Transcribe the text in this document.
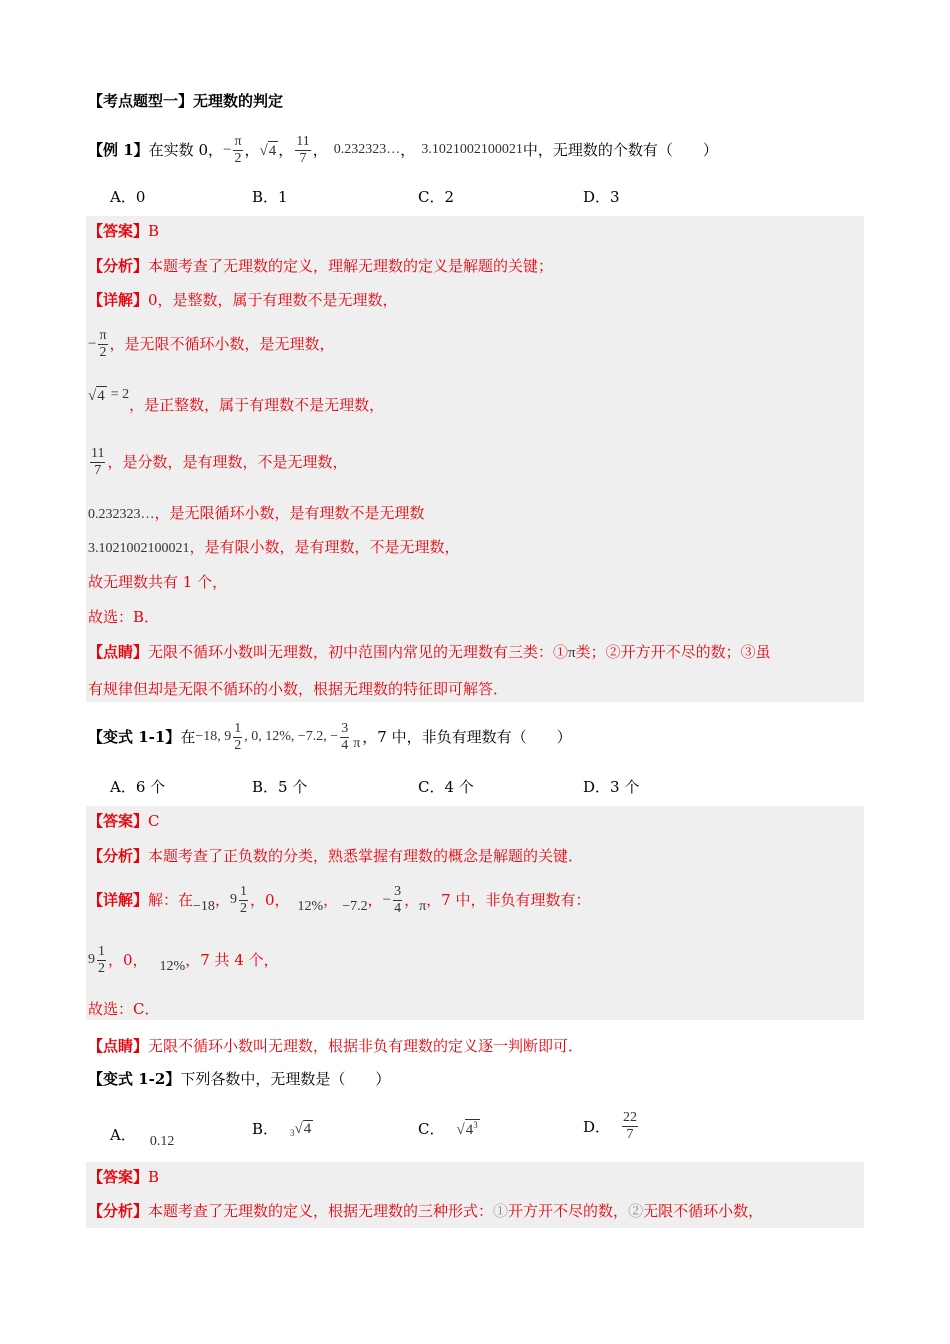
【考点题型一】无理数的判定
【例 1】 在实数 0， − $\frac{\pi}{2}$ ， √ 4 ， $\frac{11}{7}$ ， 0.232323… ， 3.1021002100021 中，无理数的个数有（　　）
A．0	B．1	C．2	D．3
【答案】B
【分析】本题考查了无理数的定义，理解无理数的定义是解题的关键；
【详解】0，是整数，属于有理数不是无理数，
− $\frac{\pi}{2}$ ，是无限不循环小数，是无理数，
√ 4 = 2
，是正整数，属于有理数不是无理数，
$\frac{11}{7}$ ，是分数，是有理数，不是无理数，
0.232323…，是无限循环小数，是有理数不是无理数
3.1021002100021，是有限小数，是有理数，不是无理数，
故无理数共有 1 个，
故选：B．
【点睛】无限不循环小数叫无理数，初中范围内常见的无理数有三类：①π类；②开方开不尽的数；③虽
有规律但却是无限不循环的小数，根据无理数的特征即可解答．
【变式 1-1】 在 −18, $9 \frac{1}{2}$ , 0, 12%, −7.2, − $\frac{3}{4}$ π ，7 中，非负有理数有（　　）
A．6 个	B．5 个	C．4 个	D．3 个
【答案】C
【分析】本题考查了正负数的分类，熟悉掌握有理数的概念是解题的关键．
【详解】 解：在 −18 ， $9 \frac{1}{2}$ ，0， 12% ， −7.2 ， − $\frac{3}{4}$ ， π ，7 中，非负有理数有：
$9 \frac{1}{2}$ ，0， 12% ，7 共 4 个，
故选：C．
【点睛】无限不循环小数叫无理数，根据非负有理数的定义逐一判断即可．
【变式 1-2】下列各数中，无理数是（　　）
A． 0.12
B． 3 √ 4	C． √ $4^3$	D． $\frac{22}{7}$
【答案】B
【分析】本题考查了无理数的定义，根据无理数的三种形式：①开方开不尽的数，②无限不循环小数，
